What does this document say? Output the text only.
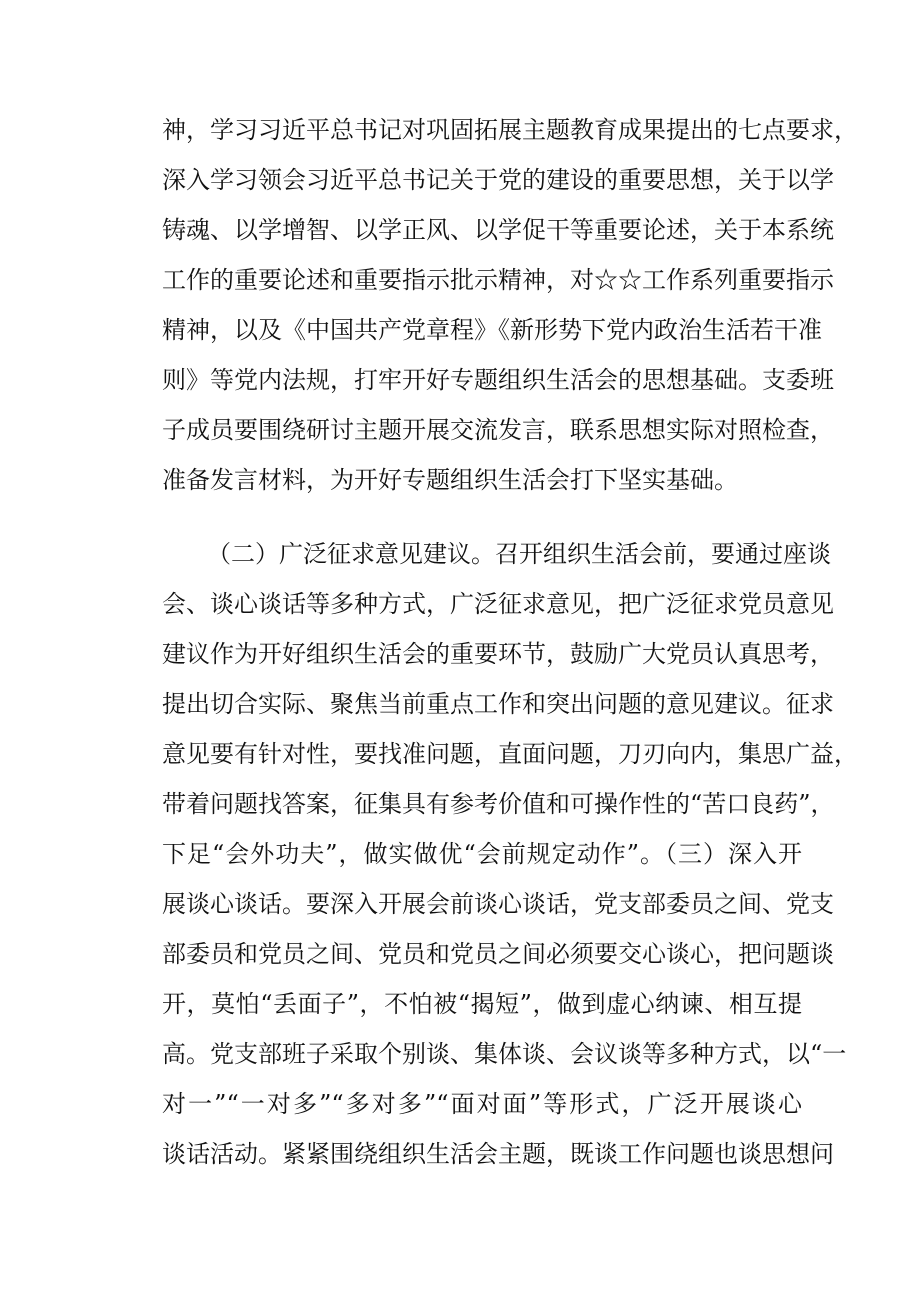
神，学习习近平总书记对巩固拓展主题教育成果提出的七点要求，
深入学习领会习近平总书记关于党的建设的重要思想，关于以学
铸魂、以学增智、以学正风、以学促干等重要论述，关于本系统
工作的重要论述和重要指示批示精神，对☆☆工作系列重要指示
精神，以及《中国共产党章程》《新形势下党内政治生活若干准
则》等党内法规，打牢开好专题组织生活会的思想基础。支委班
子成员要围绕研讨主题开展交流发言，联系思想实际对照检查，
准备发言材料，为开好专题组织生活会打下坚实基础。
（二）广泛征求意见建议。召开组织生活会前，要通过座谈
会、谈心谈话等多种方式，广泛征求意见，把广泛征求党员意见
建议作为开好组织生活会的重要环节，鼓励广大党员认真思考，
提出切合实际、聚焦当前重点工作和突出问题的意见建议。征求
意见要有针对性，要找准问题，直面问题，刀刃向内，集思广益，
带着问题找答案，征集具有参考价值和可操作性的“苦口良药”，
下足“会外功夫”，做实做优“会前规定动作”。（三）深入开
展谈心谈话。要深入开展会前谈心谈话，党支部委员之间、党支
部委员和党员之间、党员和党员之间必须要交心谈心，把问题谈
开，莫怕“丢面子”，不怕被“揭短”，做到虚心纳谏、相互提
高。党支部班子采取个别谈、集体谈、会议谈等多种方式，以“一
对一”“一对多”“多对多”“面对面”等形式，广泛开展谈心
谈话活动。紧紧围绕组织生活会主题，既谈工作问题也谈思想问
